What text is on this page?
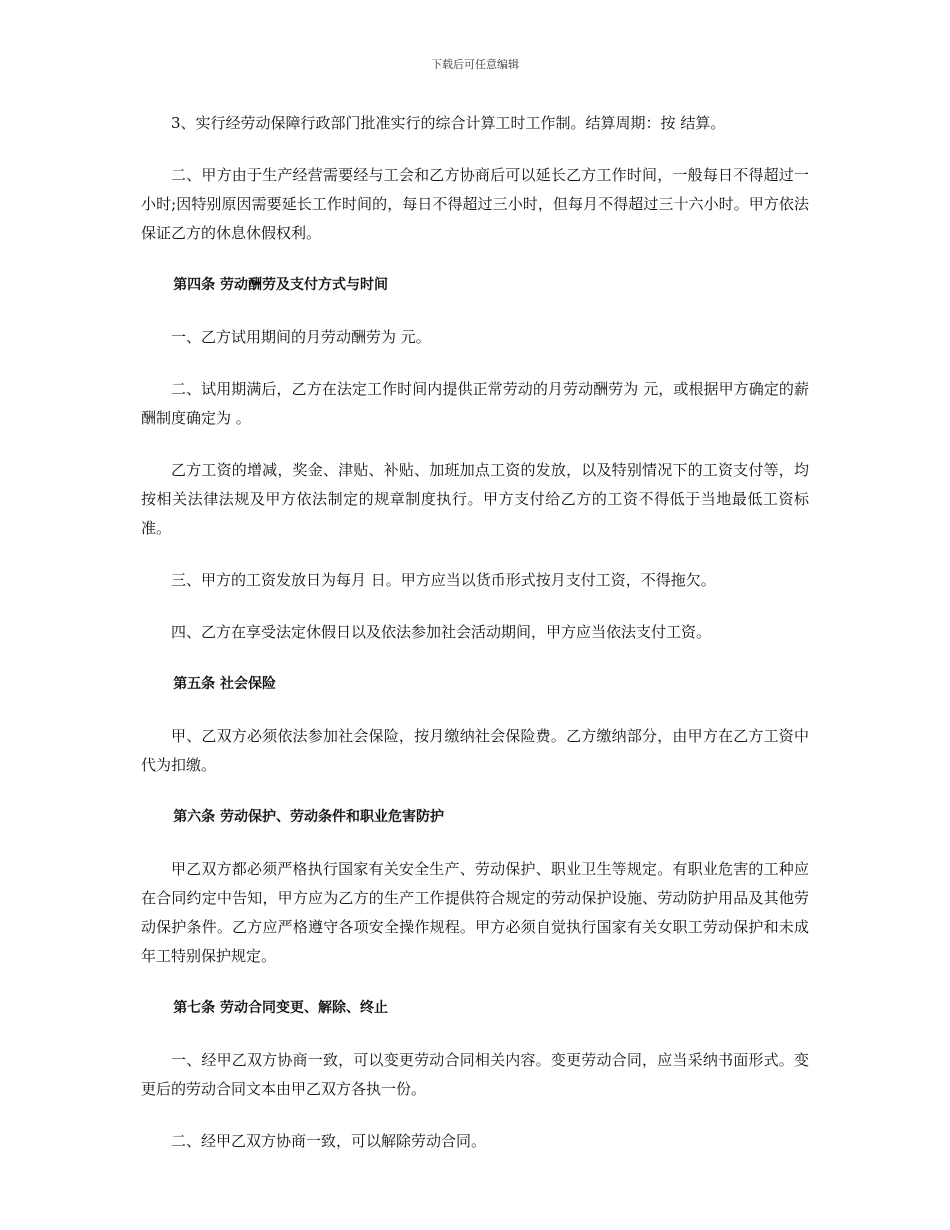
下载后可任意编辑

3、实行经劳动保障行政部门批准实行的综合计算工时工作制。结算周期：按 结算。

二、甲方由于生产经营需要经与工会和乙方协商后可以延长乙方工作时间，一般每日不得超过一小时;因特别原因需要延长工作时间的，每日不得超过三小时，但每月不得超过三十六小时。甲方依法保证乙方的休息休假权利。

第四条 劳动酬劳及支付方式与时间

一、乙方试用期间的月劳动酬劳为 元。

二、试用期满后，乙方在法定工作时间内提供正常劳动的月劳动酬劳为 元，或根据甲方确定的薪酬制度确定为 。

乙方工资的增减，奖金、津贴、补贴、加班加点工资的发放，以及特别情况下的工资支付等，均按相关法律法规及甲方依法制定的规章制度执行。甲方支付给乙方的工资不得低于当地最低工资标准。

三、甲方的工资发放日为每月 日。甲方应当以货币形式按月支付工资，不得拖欠。

四、乙方在享受法定休假日以及依法参加社会活动期间，甲方应当依法支付工资。

第五条 社会保险

甲、乙双方必须依法参加社会保险，按月缴纳社会保险费。乙方缴纳部分，由甲方在乙方工资中代为扣缴。

第六条 劳动保护、劳动条件和职业危害防护

甲乙双方都必须严格执行国家有关安全生产、劳动保护、职业卫生等规定。有职业危害的工种应在合同约定中告知，甲方应为乙方的生产工作提供符合规定的劳动保护设施、劳动防护用品及其他劳动保护条件。乙方应严格遵守各项安全操作规程。甲方必须自觉执行国家有关女职工劳动保护和未成年工特别保护规定。

第七条 劳动合同变更、解除、终止

一、经甲乙双方协商一致，可以变更劳动合同相关内容。变更劳动合同，应当采纳书面形式。变更后的劳动合同文本由甲乙双方各执一份。

二、经甲乙双方协商一致，可以解除劳动合同。
